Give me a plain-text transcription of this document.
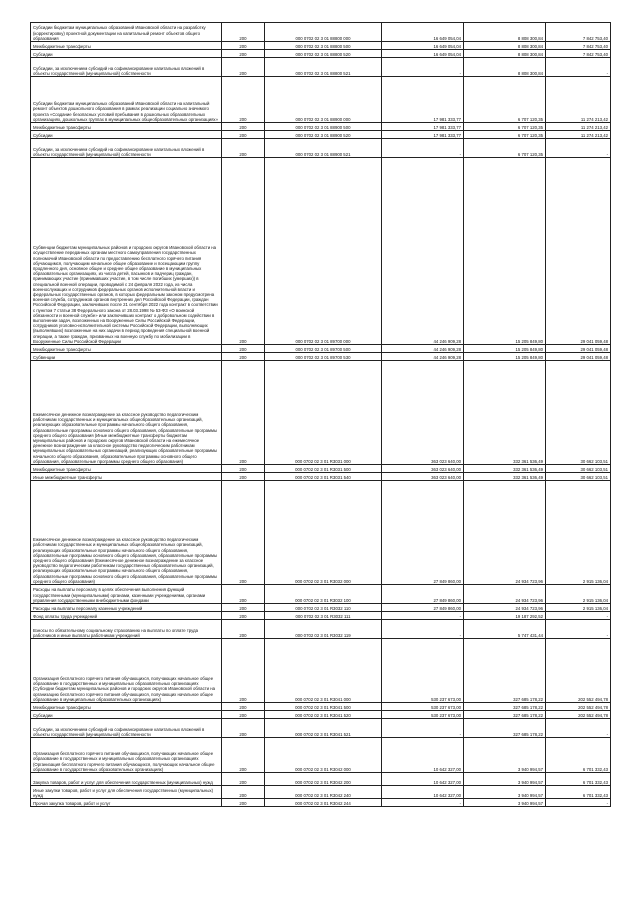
Субсидии бюджетам муниципальных образований Ивановской области на разработку (корректировку) проектной документации на капитальный ремонт объектов общего образования	200	000 0702 02 3 01 88800 000	16 649 054,04	8 808 300,84	7 842 753,40
Межбюджетные трансферты	200	000 0702 02 3 01 88800 500	16 649 054,04	8 808 300,84	7 842 753,40
Субсидии	200	000 0702 02 3 01 88800 520	16 649 054,04	8 808 300,84	7 842 753,40
Субсидии, за исключением субсидий на софинансирование капитальных вложений в объекты государственной (муниципальной) собственности	200	000 0702 02 3 01 88800 521	-	8 808 300,84	-
Субсидии бюджетам муниципальных образований Ивановской области на капитальный ремонт объектов дошкольного образования в рамках реализации социально значимого проекта «Создание безопасных условий пребывания в дошкольных образовательных организациях, дошкольных группах в муниципальных общеобразовательных организациях»	200	000 0702 02 3 01 88900 000	17 981 333,77	6 707 120,35	11 274 213,42
Межбюджетные трансферты	200	000 0702 02 3 01 88900 500	17 981 333,77	6 707 120,35	11 274 213,42
Субсидии	200	000 0702 02 3 01 88900 520	17 981 333,77	6 707 120,35	11 274 213,42
Субсидии, за исключением субсидий на софинансирование капитальных вложений в объекты государственной (муниципальной) собственности	200	000 0702 02 3 01 88900 521	-	6 707 120,35	-
Субвенции бюджетам муниципальных районов и городских округов Ивановской области на осуществление переданных органам местного самоуправления государственных полномочий Ивановской области по предоставлению бесплатного горячего питания обучающимся, получающим начальное общее образование и посещающим группу продленного дня, основное общее и среднее общее образование в муниципальных образовательных организациях, из числа детей, пасынков и падчериц граждан, принимающих участие (принимавших участие, в том числе погибших (умерших)) в специальной военной операции, проводимой с 24 февраля 2022 года, из числа военнослужащих и сотрудников федеральных органов исполнительной власти и федеральных государственных органов, в которых федеральным законом предусмотрена военная служба, сотрудников органов внутренних дел Российской Федерации, граждан Российской Федерации, заключивших после 21 сентября 2022 года контракт в соответствии с пунктом 7 статьи 38 Федерального закона от 28.03.1998 № 53-ФЗ «О воинской обязанности и военной службе» или заключивших контракт о добровольном содействии в выполнении задач, возложенных на Вооруженные Силы Российской Федерации, сотрудников уголовно-исполнительной системы Российской Федерации, выполняющих (выполнявших) возложенные на них задачи в период проведения специальной военной операции, а также граждан, призванных на военную службу по мобилизации в Вооруженные Силы Российской Федерации	200	000 0702 02 3 01 89700 000	44 246 909,28	15 205 849,80	29 041 059,48
Межбюджетные трансферты	200	000 0702 02 3 01 89700 500	44 246 909,28	15 205 849,80	29 041 059,48
Субвенции	200	000 0702 02 3 01 89700 530	44 246 909,28	15 205 849,80	29 041 059,48
Ежемесячное денежное вознаграждение за классное руководство педагогическим работникам государственных и муниципальных общеобразовательных организаций, реализующих образовательные программы начального общего образования, образовательные программы основного общего образования, образовательные программы среднего общего образования (Иные межбюджетные трансферты бюджетам муниципальных районов и городских округов Ивановской области на ежемесячное денежное вознаграждение за классное руководство педагогическим работникам муниципальных образовательных организаций, реализующих образовательные программы начального общего образования, образовательные программы основного общего образования, образовательные программы среднего общего образования)	200	000 0702 02 3 01 R3031 000	363 023 640,00	332 361 536,49	30 662 103,51
Межбюджетные трансферты	200	000 0702 02 3 01 R3031 500	363 023 640,00	332 361 536,49	30 662 103,51
Иные межбюджетные трансферты	200	000 0702 02 3 01 R3031 540	363 023 640,00	332 361 536,49	30 662 103,51
Ежемесячное денежное вознаграждение за классное руководство педагогическим работникам государственных и муниципальных общеобразовательных организаций, реализующих образовательные программы начального общего образования, образовательные программы основного общего образования, образовательные программы среднего общего образования (Ежемесячное денежное вознаграждение за классное руководство педагогическим работникам государственных образовательных организаций, реализующих образовательные программы начального общего образования, образовательные программы основного общего образования, образовательные программы среднего общего образования)	200	000 0702 02 3 01 R3032 000	27 849 860,00	24 934 723,96	2 915 136,04
Расходы на выплаты персоналу в целях обеспечения выполнения функций государственными (муниципальными) органами, казенными учреждениями, органами управления государственными внебюджетными фондами	200	000 0702 02 3 01 R3032 100	27 849 860,00	24 934 723,96	2 915 136,04
Расходы на выплаты персоналу казенных учреждений	200	000 0702 02 3 01 R3032 110	27 849 860,00	24 934 723,96	2 915 136,04
Фонд оплаты труда учреждений	200	000 0702 02 3 01 R3032 111	-	19 187 292,52	-
Взносы по обязательному социальному страхованию на выплаты по оплате труда работников и иные выплаты работникам учреждений	200	000 0702 02 3 01 R3032 119	-	5 747 431,44	-
Организация бесплатного горячего питания обучающихся, получающих начальное общее образование в государственных и муниципальных образовательных организациях (Субсидии бюджетам муниципальных районов и городских округов Ивановской области на организацию бесплатного горячего питания обучающихся, получающих начальное общее образование в муниципальных образовательных организациях)	200	000 0702 02 3 01 R3041 000	530 237 673,00	327 685 178,22	202 552 494,78
Межбюджетные трансферты	200	000 0702 02 3 01 R3041 500	530 237 673,00	327 685 178,22	202 552 494,78
Субсидии	200	000 0702 02 3 01 R3041 520	530 237 673,00	327 685 178,22	202 552 494,78
Субсидии, за исключением субсидий на софинансирование капитальных вложений в объекты государственной (муниципальной) собственности	200	000 0702 02 3 01 R3041 521	-	327 685 178,22	-
Организация бесплатного горячего питания обучающихся, получающих начальное общее образование в государственных и муниципальных образовательных организациях (Организация бесплатного горячего питания обучающихся, получающих начальное общее образование в государственных образовательных организациях)	200	000 0702 02 3 01 R3042 000	10 642 327,00	3 940 994,57	6 701 332,43
Закупка товаров, работ и услуг для обеспечения государственных (муниципальных) нужд	200	000 0702 02 3 01 R3042 200	10 642 327,00	3 940 994,57	6 701 332,43
Иные закупки товаров, работ и услуг для обеспечения государственных (муниципальных) нужд	200	000 0702 02 3 01 R3042 240	10 642 327,00	3 940 994,57	6 701 332,43
Прочая закупка товаров, работ и услуг	200	000 0702 02 3 01 R3042 244	-	3 940 994,57	-
